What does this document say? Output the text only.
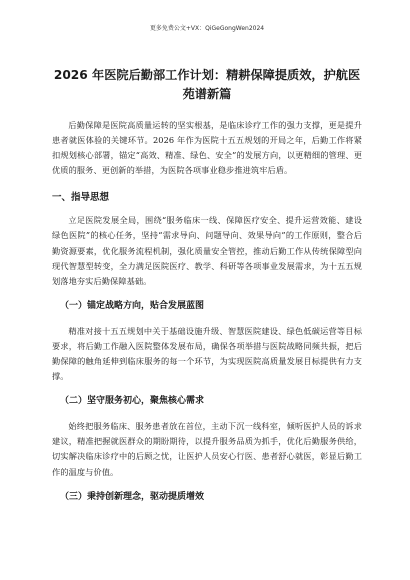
更多免费公文+VX：QiGeGongWen2024
2026 年医院后勤部工作计划：精耕保障提质效，护航医
苑谱新篇

后勤保障是医院高质量运转的坚实根基，是临床诊疗工作的强力支撑，更是提升患者就医体验的关键环节。2026 年作为医院十五五规划的开局之年，后勤工作将紧扣规划核心部署，锚定“高效、精准、绿色、安全”的发展方向，以更精细的管理、更优质的服务、更创新的举措，为医院各项事业稳步推进筑牢后盾。

一、指导思想

立足医院发展全局，围绕“服务临床一线、保障医疗安全、提升运营效能、建设绿色医院”的核心任务，坚持“需求导向、问题导向、效果导向”的工作原则，整合后勤资源要素，优化服务流程机制，强化质量安全管控，推动后勤工作从传统保障型向现代智慧型转变，全力满足医院医疗、教学、科研等各项事业发展需求，为十五五规划落地夯实后勤保障基础。

（一）锚定战略方向，贴合发展蓝图

精准对接十五五规划中关于基础设施升级、智慧医院建设、绿色低碳运营等目标要求，将后勤工作融入医院整体发展布局，确保各项举措与医院战略同频共振，把后勤保障的触角延伸到临床服务的每一个环节，为实现医院高质量发展目标提供有力支撑。

（二）坚守服务初心，聚焦核心需求

始终把服务临床、服务患者放在首位，主动下沉一线科室，倾听医护人员的诉求建议，精准把握就医群众的期盼期待，以提升服务品质为抓手，优化后勤服务供给，切实解决临床诊疗中的后顾之忧，让医护人员安心行医、患者舒心就医，彰显后勤工作的温度与价值。

（三）秉持创新理念，驱动提质增效
